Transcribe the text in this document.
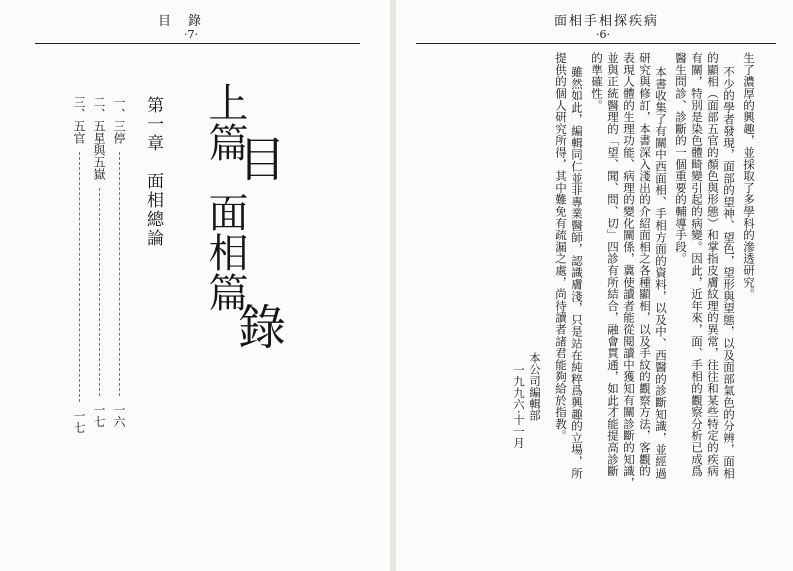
目　錄
·7·
目
錄
上篇
面相篇
第一章　面相總論
一、三停  一六
二、五星與五嶽  一七
三、五官  一七
面相手相探疾病
·6·
生了濃厚的興趣，並採取了多學科的滲透研究。
不少的學者發現，面部的望神、望色，望形與望態，以及面部氣色的分辨，面相
的顯相（面部五官的顏色與形態）和掌指皮膚紋理的異常，往往和某些特定的疾病
有關，特別是染色體畸變引起的病變。因此，近年來，面、手相的觀察分析已成爲
醫生問診、診斷的一個重要的輔導手段。
本書收集了有關中西面相、手相方面的資料，以及中、西醫的診斷知識，並經過
研究與修訂，本書深入淺出的介紹面相之各種顯相，以及手紋的觀察方法，客觀的
表現人體的生理功能、病理的變化關係，冀使讀者能從閱讀中獲知有關診斷的知識，
並與正統醫理的「望、聞、問、切」四診有所結合，融會貫通，如此才能提高診斷
的準確性。
雖然如此，編輯同仁並非專業醫師，認識膚淺，只是站在純粹爲興趣的立場，所
提供的個人研究所得，其中難免有疏漏之處，尚待讀者諸君能夠給於指教。
本公司編輯部
一九九六·十一月
